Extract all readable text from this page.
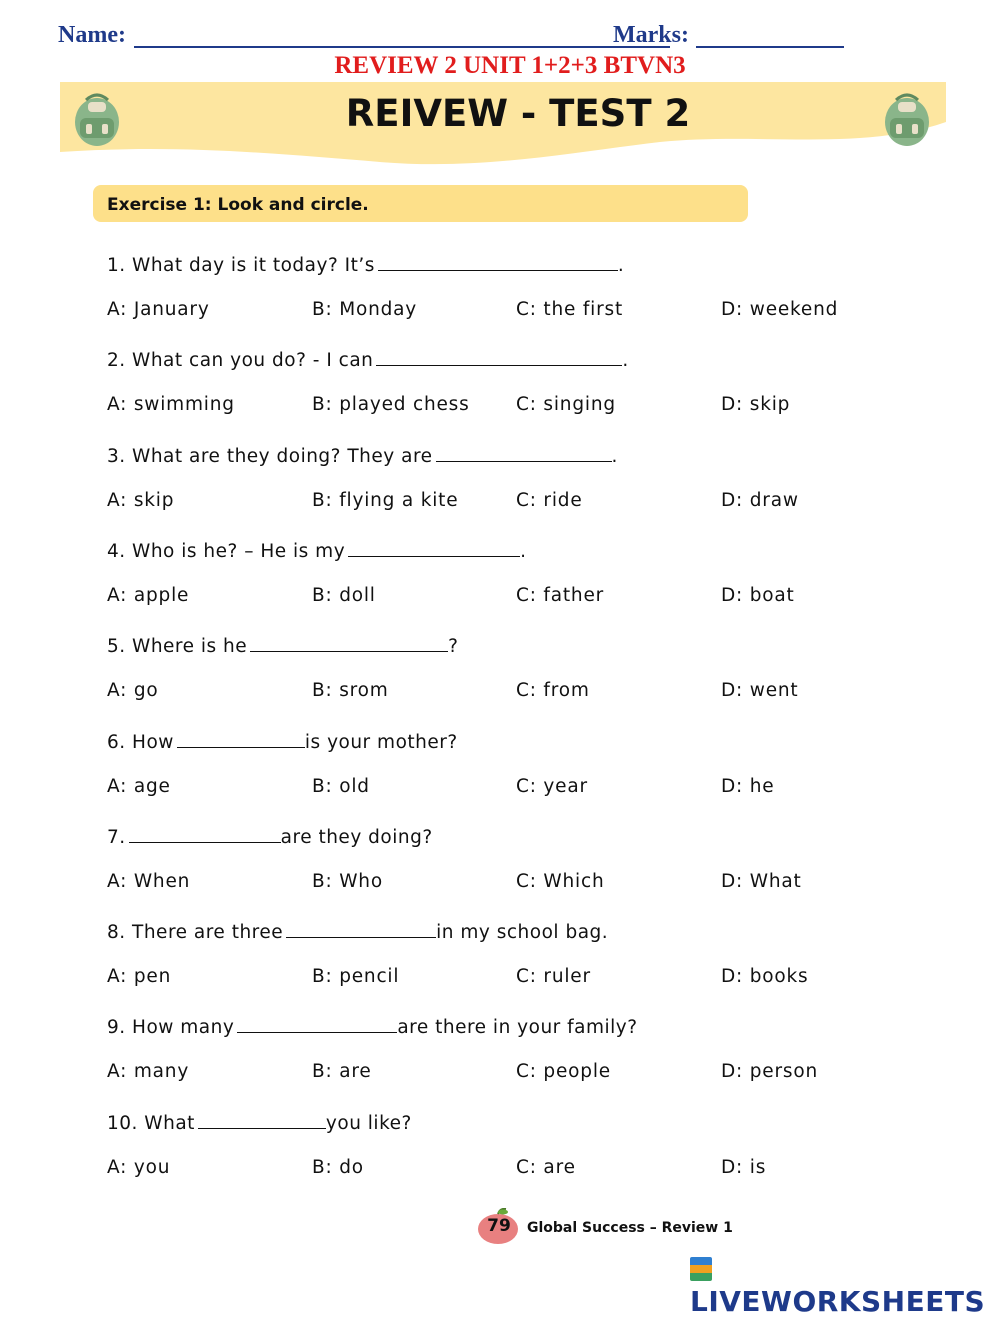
Name:	Marks:
REVIEW 2 UNIT 1+2+3 BTVN3
REIVEW - TEST 2
Exercise 1: Look and circle.
1. What day is it today? It’s	.
A: January	B: Monday	C: the first	D: weekend
2. What can you do? - I can	.
A: swimming	B: played chess	C: singing	D: skip
3. What are they doing? They are	.
A: skip	B: flying a kite	C: ride	D: draw
4. Who is he? – He is my	.
A: apple	B: doll	C: father	D: boat
5. Where is he	?
A: go	B: srom	C: from	D: went
6. How	is your mother?
A: age	B: old	C: year	D: he
7.	are they doing?
A: When	B: Who	C: Which	D: What
8. There are three	in my school bag.
A: pen	B: pencil	C: ruler	D: books
9. How many	are there in your family?
A: many	B: are	C: people	D: person
10. What	you like?
A: you	B: do	C: are	D: is
79	Global Success – Review 1
LIVEWORKSHEETS
